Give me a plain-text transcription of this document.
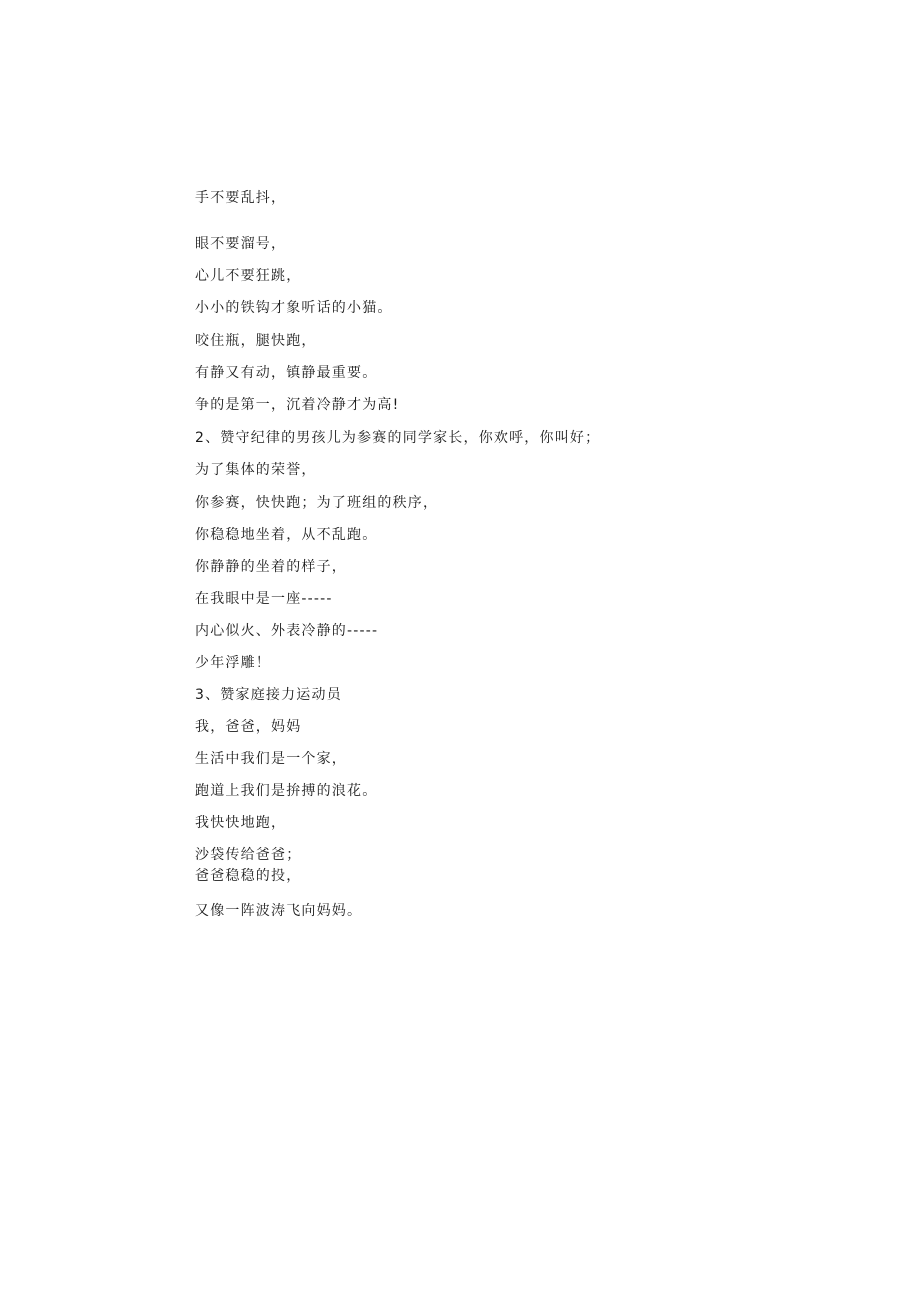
手不要乱抖，
眼不要溜号，
心儿不要狂跳，
小小的铁钩才象听话的小猫。
咬住瓶，腿快跑，
有静又有动，镇静最重要。
争的是第一，沉着冷静才为高!
2、赞守纪律的男孩儿为参赛的同学家长，你欢呼，你叫好；
为了集体的荣誉，
你参赛，快快跑；为了班组的秩序，
你稳稳地坐着，从不乱跑。
你静静的坐着的样子，
在我眼中是一座-----
内心似火、外表冷静的-----
少年浮雕！
3、赞家庭接力运动员
我，爸爸，妈妈
生活中我们是一个家，
跑道上我们是拚搏的浪花。
我快快地跑，
沙袋传给爸爸；
爸爸稳稳的投，
又像一阵波涛飞向妈妈。
